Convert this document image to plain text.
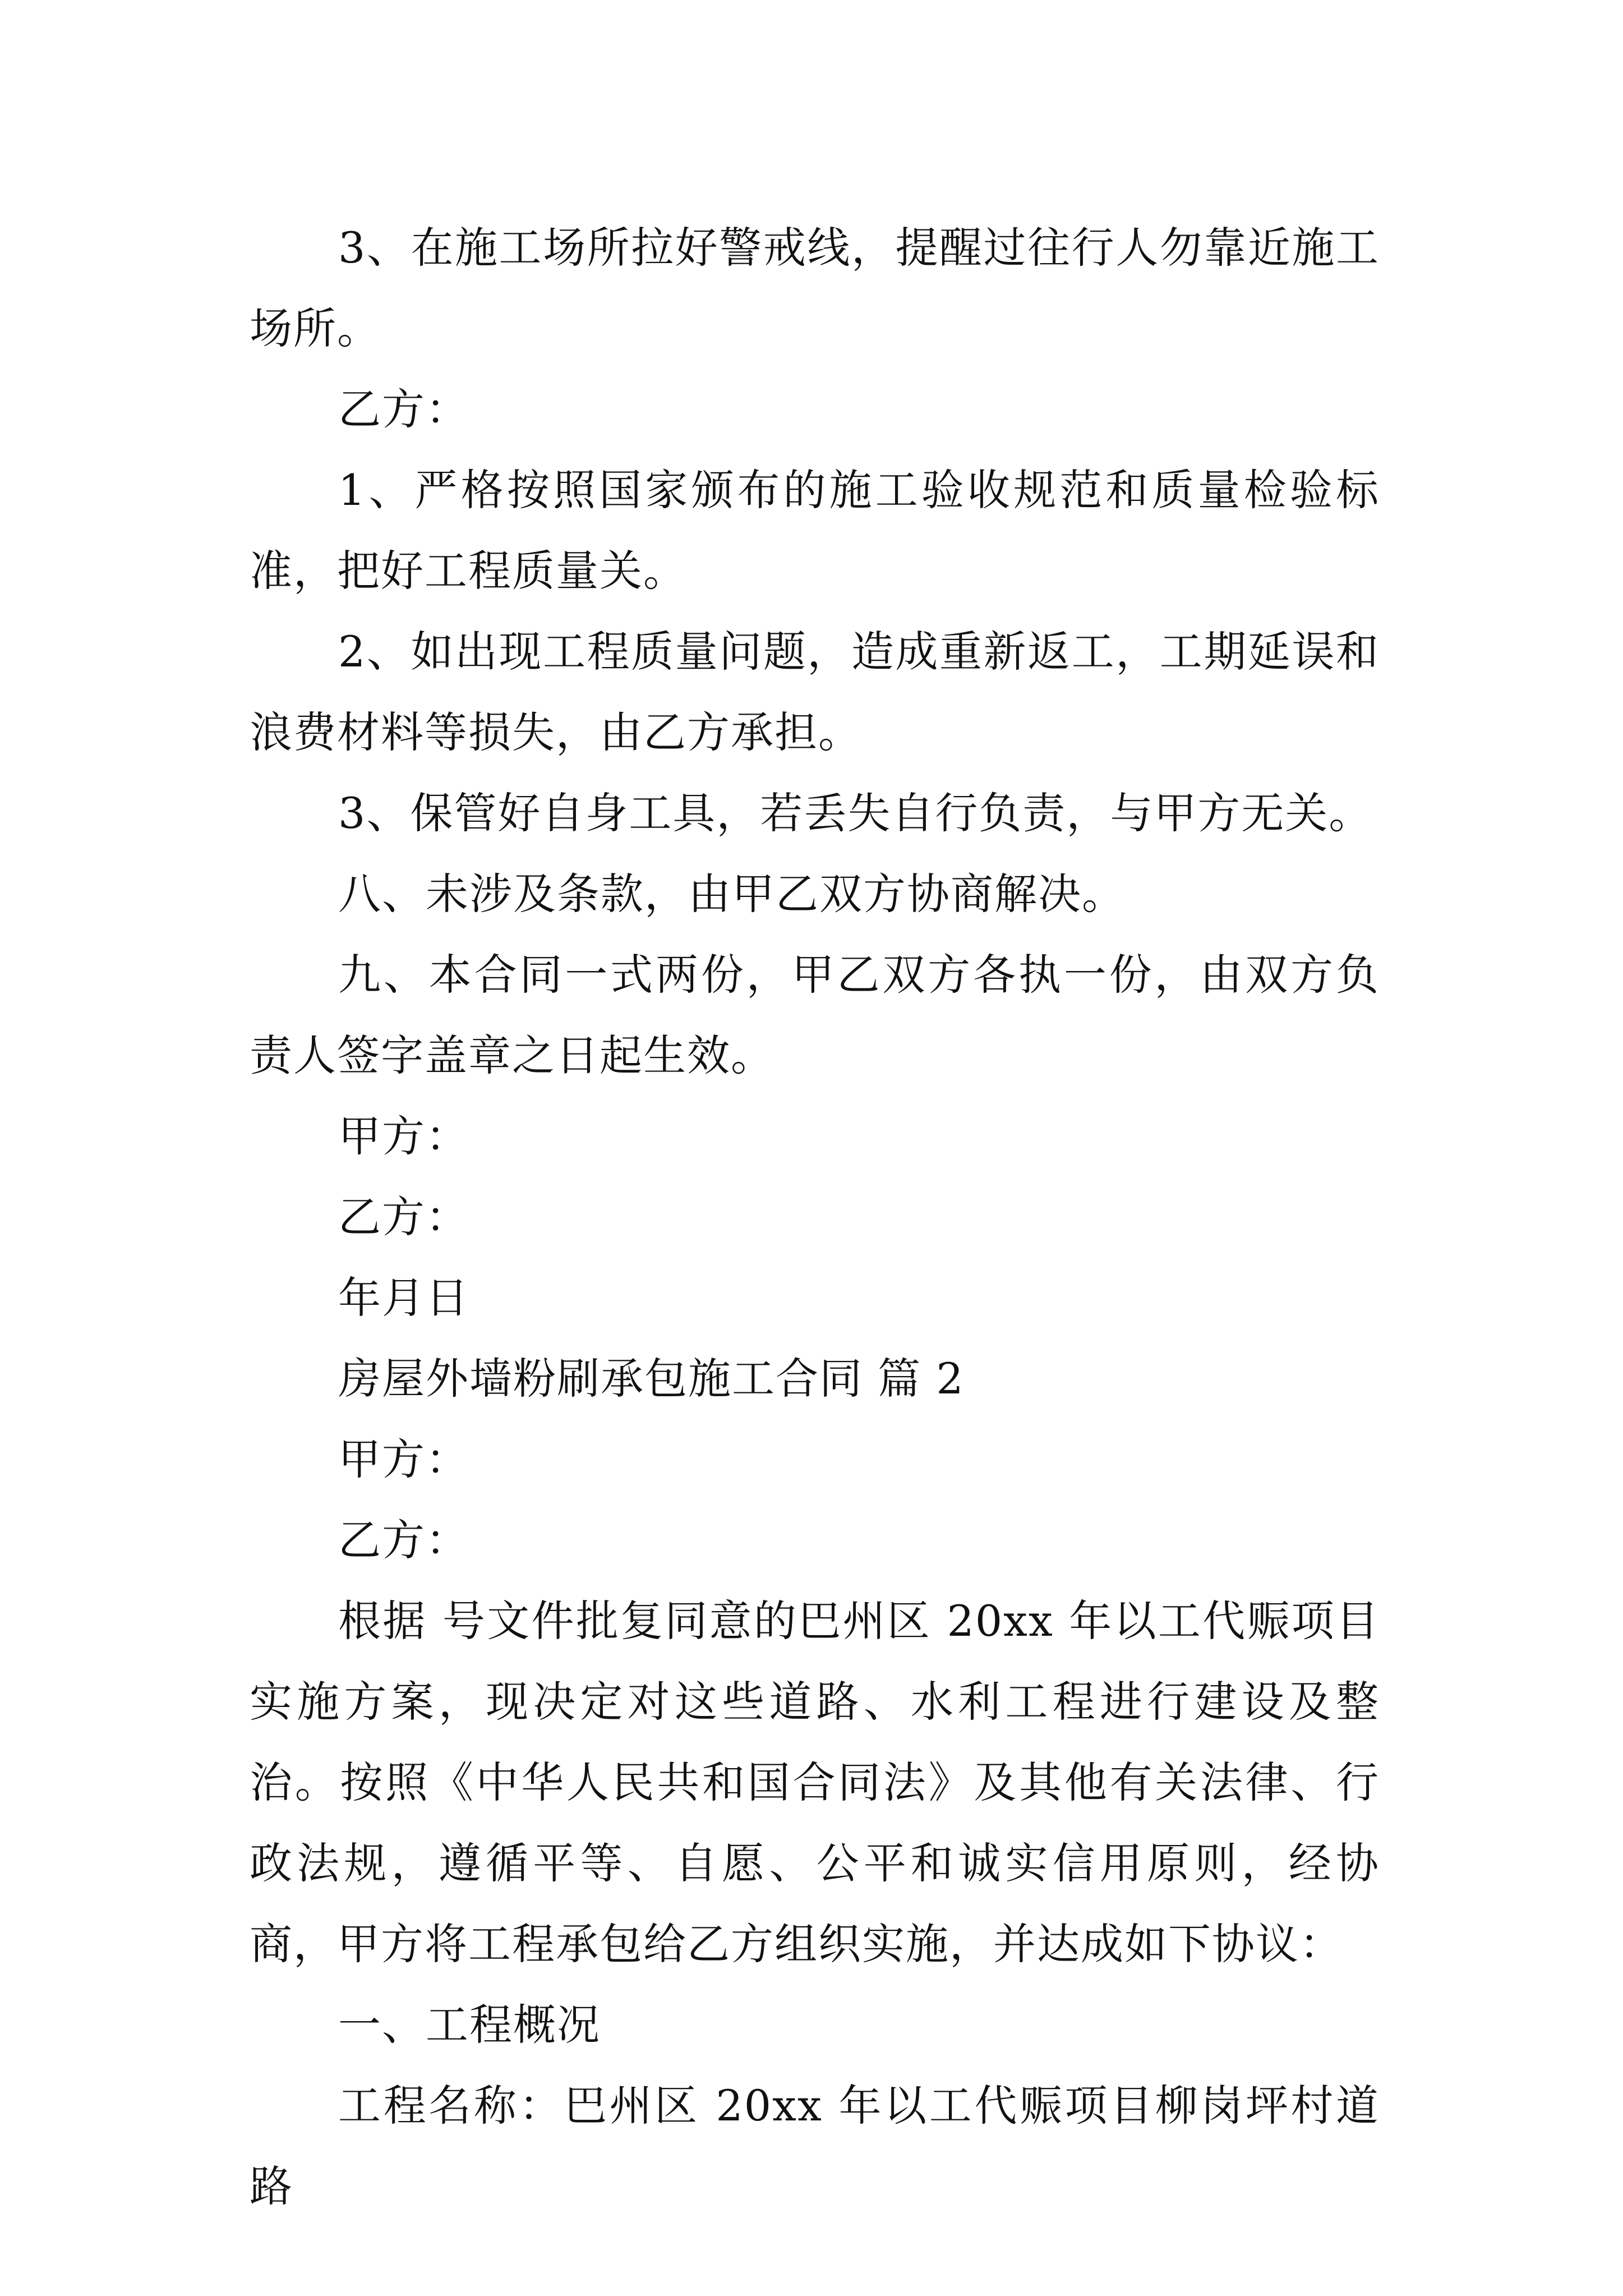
3、在施工场所拉好警戒线，提醒过往行人勿靠近施工场所。

乙方：

1、严格按照国家颁布的施工验收规范和质量检验标准，把好工程质量关。

2、如出现工程质量问题，造成重新返工，工期延误和浪费材料等损失，由乙方承担。

3、保管好自身工具，若丢失自行负责，与甲方无关。

八、未涉及条款，由甲乙双方协商解决。

九、本合同一式两份，甲乙双方各执一份，由双方负责人签字盖章之日起生效。

甲方：

乙方：

年月日

房屋外墙粉刷承包施工合同 篇 2

甲方：

乙方：

根据 号文件批复同意的巴州区 20xx 年以工代赈项目实施方案，现决定对这些道路、水利工程进行建设及整治。按照《中华人民共和国合同法》及其他有关法律、行政法规，遵循平等、自愿、公平和诚实信用原则，经协商，甲方将工程承包给乙方组织实施，并达成如下协议：

一、工程概况

工程名称：巴州区 20xx 年以工代赈项目柳岗坪村道路
